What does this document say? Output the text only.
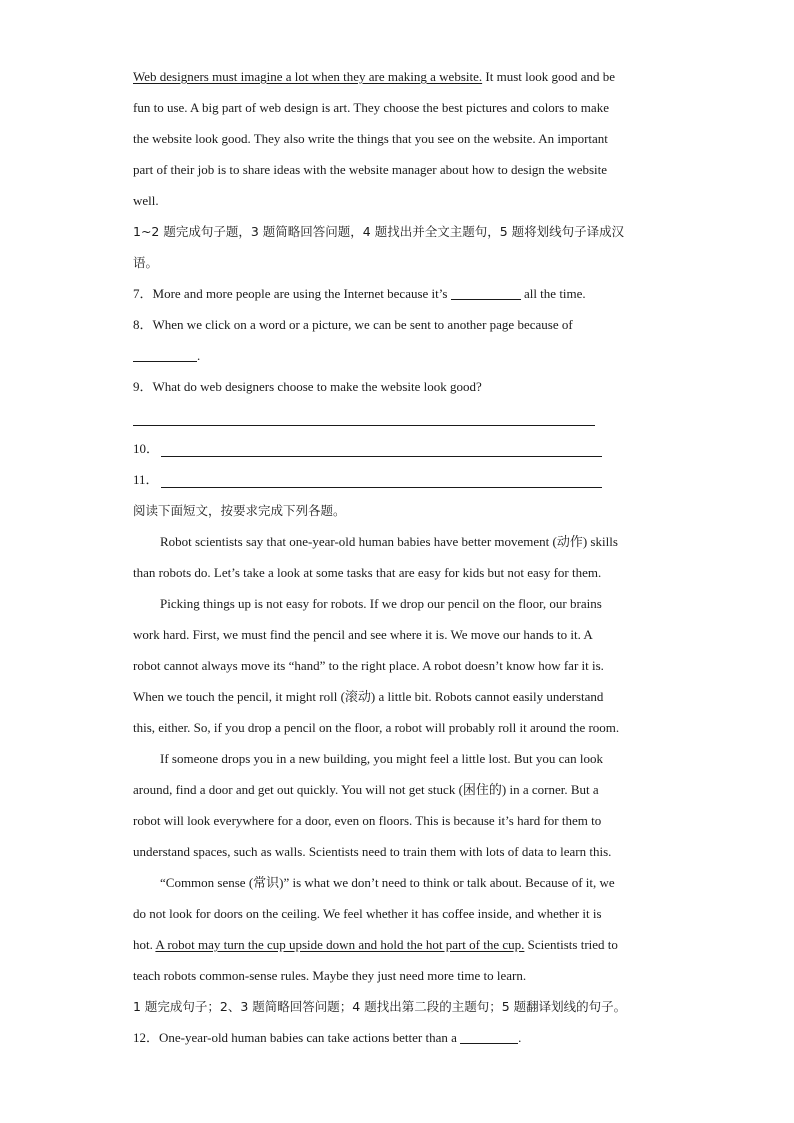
Web designers must imagine a lot when they are making a website. It must look good and be
fun to use. A big part of web design is art. They choose the best pictures and colors to make
the website look good. They also write the things that you see on the website. An important
part of their job is to share ideas with the website manager about how to design the website
well.
1~2 题完成句子题，3 题简略回答问题，4 题找出并全文主题句，5 题将划线句子译成汉
语。
7．More and more people are using the Internet because it’s	all the time.
8．When we click on a word or a picture, we can be sent to another page because of
.
9．What do web designers choose to make the website look good?
10．
11．
阅读下面短文，按要求完成下列各题。
Robot scientists say that one-year-old human babies have better movement (动作) skills
than robots do. Let’s take a look at some tasks that are easy for kids but not easy for them.
Picking things up is not easy for robots. If we drop our pencil on the floor, our brains
work hard. First, we must find the pencil and see where it is. We move our hands to it. A
robot cannot always move its “hand” to the right place. A robot doesn’t know how far it is.
When we touch the pencil, it might roll (滚动) a little bit. Robots cannot easily understand
this, either. So, if you drop a pencil on the floor, a robot will probably roll it around the room.
If someone drops you in a new building, you might feel a little lost. But you can look
around, find a door and get out quickly. You will not get stuck (困住的) in a corner. But a
robot will look everywhere for a door, even on floors. This is because it’s hard for them to
understand spaces, such as walls. Scientists need to train them with lots of data to learn this.
“Common sense (常识)” is what we don’t need to think or talk about. Because of it, we
do not look for doors on the ceiling. We feel whether it has coffee inside, and whether it is
hot. A robot may turn the cup upside down and hold the hot part of the cup. Scientists tried to
teach robots common-sense rules. Maybe they just need more time to learn.
1 题完成句子；2、3 题简略回答问题；4 题找出第二段的主题句；5 题翻译划线的句子。
12．One-year-old human babies can take actions better than a	.
